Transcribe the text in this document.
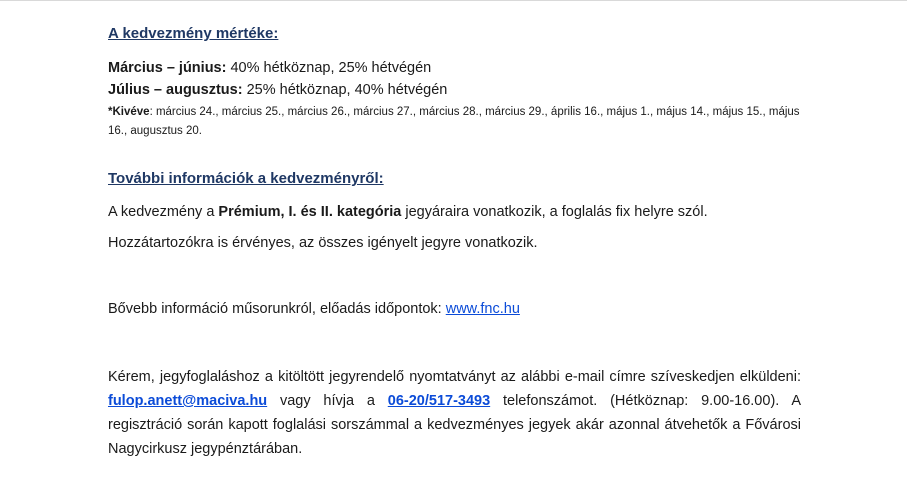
A kedvezmény mértéke:
Március – június: 40% hétköznap, 25% hétvégén
Július – augusztus: 25% hétköznap, 40% hétvégén
*Kivéve: március 24., március 25., március 26., március 27., március 28., március 29., április 16., május 1., május 14., május 15., május 16., augusztus 20.
További információk a kedvezményről:
A kedvezmény a Prémium, I. és II. kategória jegyáraira vonatkozik, a foglalás fix helyre szól.
Hozzátartozókra is érvényes, az összes igényelt jegyre vonatkozik.
Bővebb információ műsorunkról, előadás időpontok: www.fnc.hu
Kérem, jegyfoglaláshoz a kitöltött jegyrendelő nyomtatványt az alábbi e-mail címre szíveskedjen elküldeni: fulop.anett@maciva.hu vagy hívja a 06-20/517-3493 telefonszámot. (Hétköznap: 9.00-16.00). A regisztráció során kapott foglalási sorszámmal a kedvezményes jegyek akár azonnal átvehetők a Fővárosi Nagycirkusz jegypénztárában.
